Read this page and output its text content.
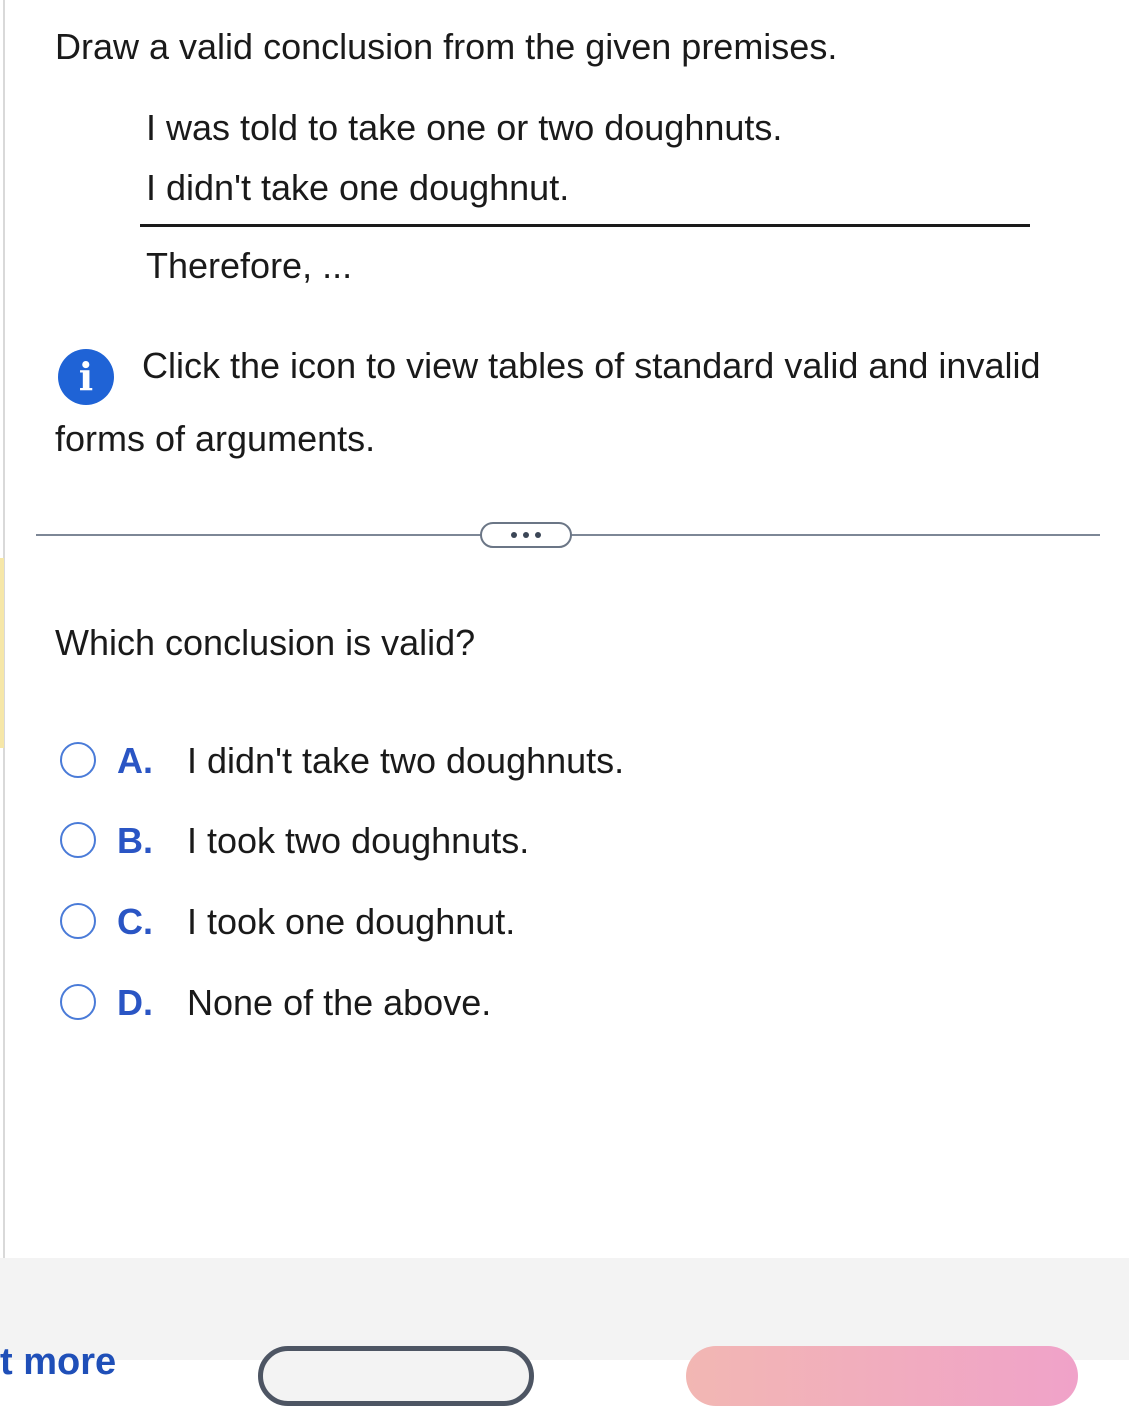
Draw a valid conclusion from the given premises.
I was told to take one or two doughnuts.
I didn't take one doughnut.
Therefore, ...
i Click the icon to view tables of standard valid and invalid forms of arguments.
Which conclusion is valid?
A. I didn't take two doughnuts.
B. I took two doughnuts.
C. I took one doughnut.
D. None of the above.
t more
